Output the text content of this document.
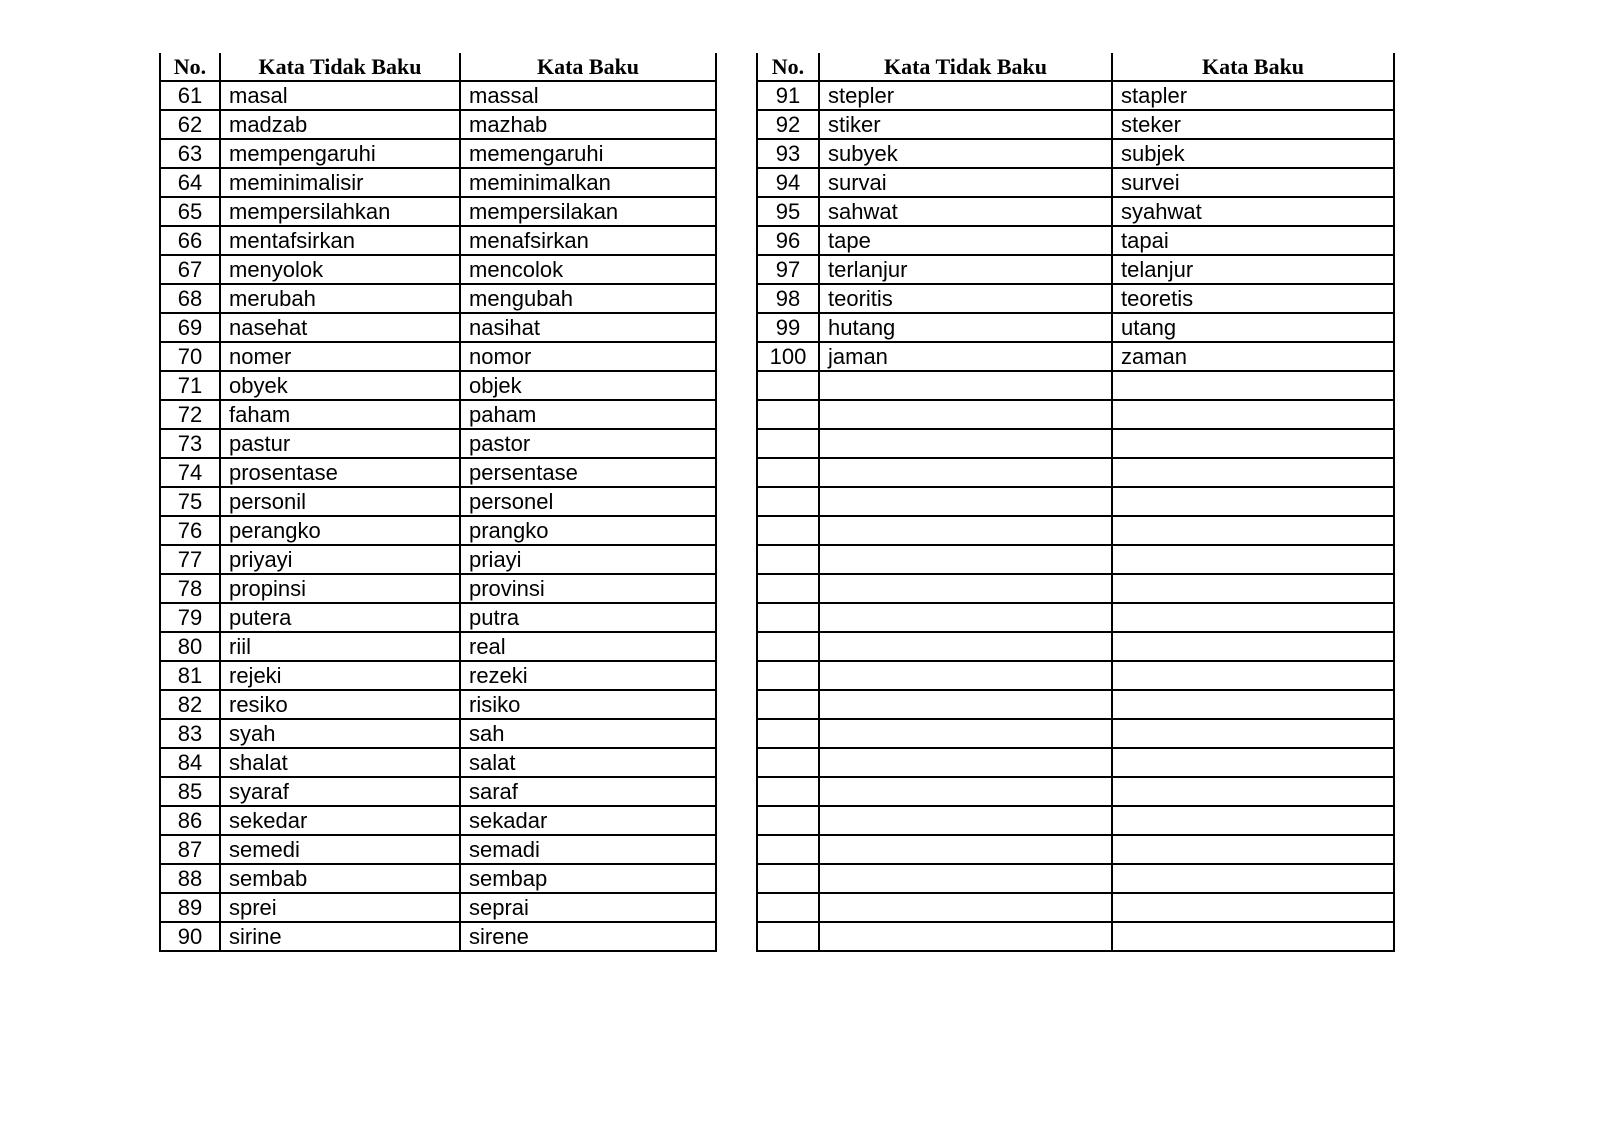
No.	Kata Tidak Baku	Kata Baku
61	masal	massal
62	madzab	mazhab
63	mempengaruhi	memengaruhi
64	meminimalisir	meminimalkan
65	mempersilahkan	mempersilakan
66	mentafsirkan	menafsirkan
67	menyolok	mencolok
68	merubah	mengubah
69	nasehat	nasihat
70	nomer	nomor
71	obyek	objek
72	faham	paham
73	pastur	pastor
74	prosentase	persentase
75	personil	personel
76	perangko	prangko
77	priyayi	priayi
78	propinsi	provinsi
79	putera	putra
80	riil	real
81	rejeki	rezeki
82	resiko	risiko
83	syah	sah
84	shalat	salat
85	syaraf	saraf
86	sekedar	sekadar
87	semedi	semadi
88	sembab	sembap
89	sprei	seprai
90	sirine	sirene
No.	Kata Tidak Baku	Kata Baku
91	stepler	stapler
92	stiker	steker
93	subyek	subjek
94	survai	survei
95	sahwat	syahwat
96	tape	tapai
97	terlanjur	telanjur
98	teoritis	teoretis
99	hutang	utang
100	jaman	zaman
